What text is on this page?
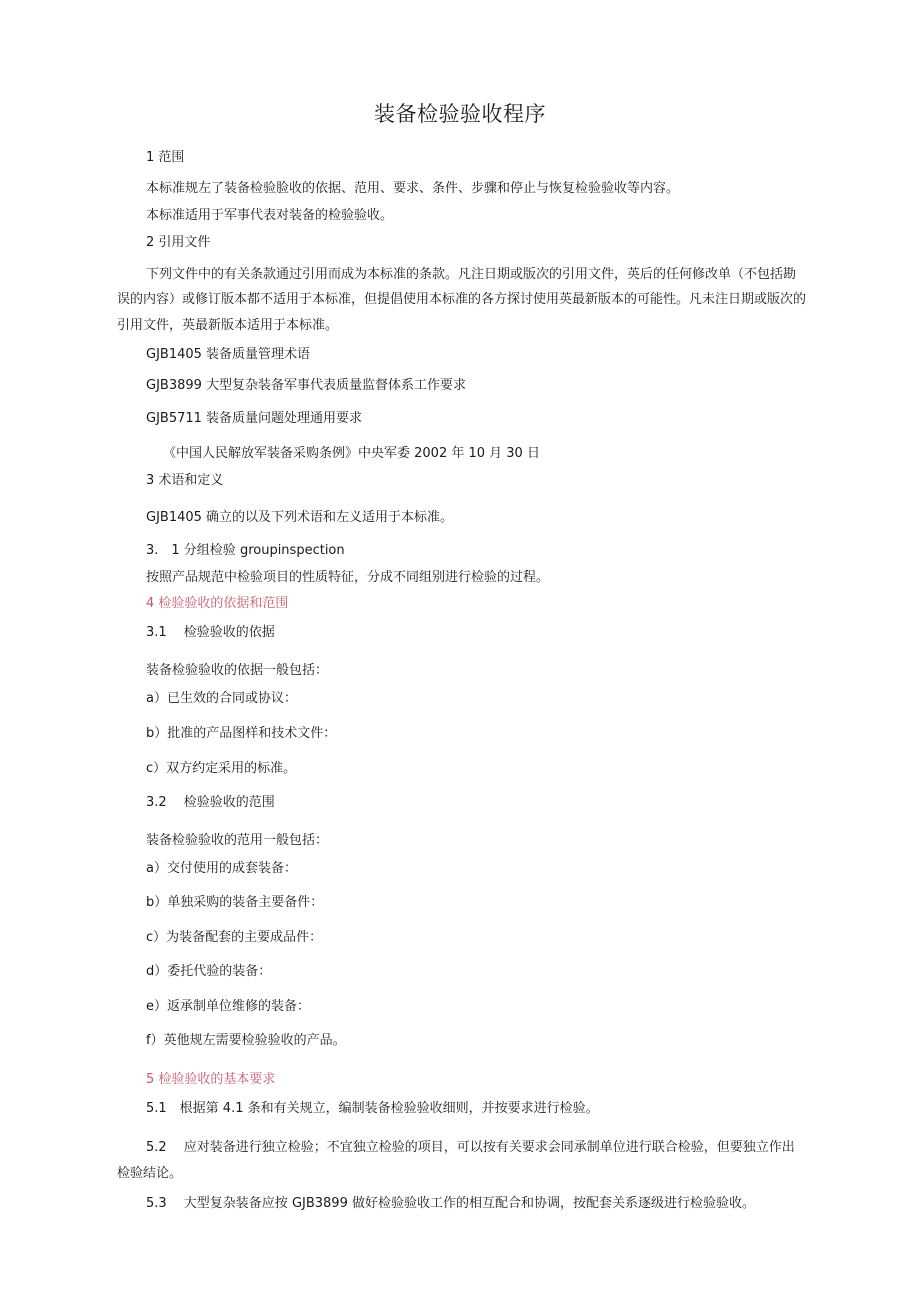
装备检验验收程序

1 范围

本标准规左了装备检验脸收的依据、范用、要求、条件、步骤和停止与恢复检验验收等内容。

本标准适用于军事代表对装备的检验验收。

2 引用文件

下列文件中的有关条款通过引用而成为本标准的条款。凡注日期或版次的引用文件，英后的任何修改单（不包括勘

误的内容）或修订版本都不适用于本标准，但提倡使用本标准的各方探讨使用英最新版本的可能性。凡未注日期或版次的

引用文件，英最新版本适用于本标准。

GJB1405 装备质量管理术语

GJB3899 大型复杂装备军事代表质量监督体系工作要求

GJB5711 装备质量问题处理通用要求

《中国人民解放军装备采购条例》中央军委 2002 年 10 月 30 日

3 术语和定义

GJB1405 确立的以及下列术语和左义适用于本标准。

3.　1 分组检验 groupinspection

按照产品规范中检验项目的性质特征，分成不同组别进行检验的过程。

4 检验验收的依据和范围

3.1　 检验验收的依据

装备检验验收的依据一般包括：

a）已生效的合同或协议：

b）批准的产品图样和技术文件：

c）双方约定采用的标准。

3.2　 检验验收的范围

装备检验验收的范用一般包括：

a）交付使用的成套装备：

b）单独采购的装备主要备件：

c）为装备配套的主要成品件：

d）委托代验的装备：

e）返承制单位维修的装备：

f）英他规左需要检验验收的产品。

5 检验验收的基本要求

5.1　根据第 4.1 条和有关规立，编制装备检验验收细则，并按要求进行检验。

5.2　 应对装备进行独立检验；不宜独立检验的项目，可以按有关要求会同承制单位进行联合检验，但要独立作出

检验结论。

5.3　 大型复杂装备应按 GJB3899 做好检验验收工作的相互配合和协调，按配套关系逐级进行检验验收。
